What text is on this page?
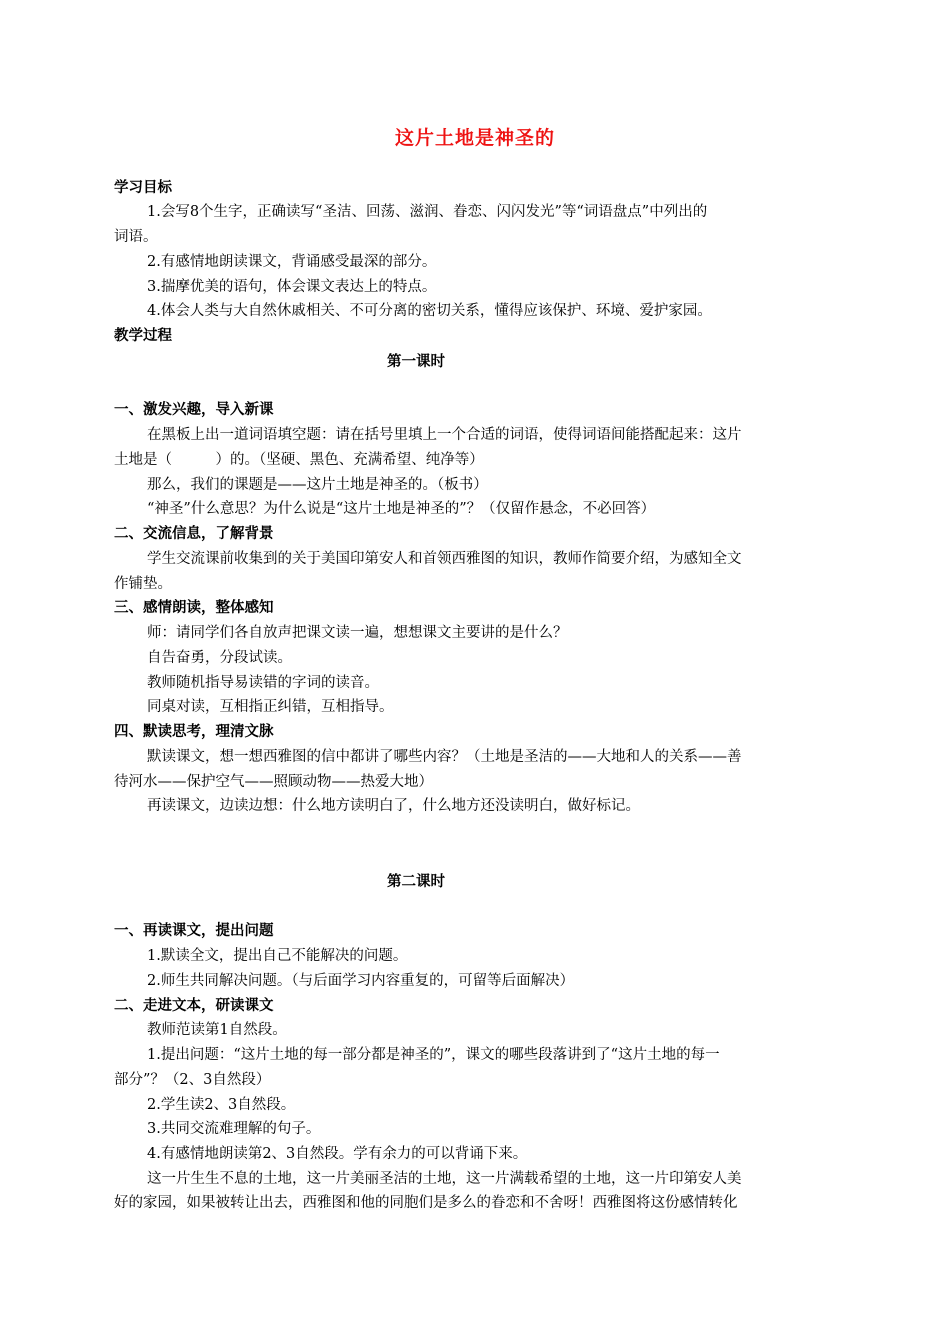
这片土地是神圣的
学习目标
1.会写8个生字，正确读写“圣洁、回荡、滋润、眷恋、闪闪发光”等“词语盘点”中列出的
词语。
2.有感情地朗读课文，背诵感受最深的部分。
3.揣摩优美的语句，体会课文表达上的特点。
4.体会人类与大自然休戚相关、不可分离的密切关系，懂得应该保护、环境、爱护家园。
教学过程
第一课时
一、激发兴趣，导入新课
在黑板上出一道词语填空题：请在括号里填上一个合适的词语，使得词语间能搭配起来：这片
土地是（　　　）的。（坚硬、黑色、充满希望、纯净等）
那么，我们的课题是——这片土地是神圣的。（板书）
“神圣”什么意思？为什么说是“这片土地是神圣的”？（仅留作悬念，不必回答）
二、交流信息，了解背景
学生交流课前收集到的关于美国印第安人和首领西雅图的知识，教师作简要介绍，为感知全文
作铺垫。
三、感情朗读，整体感知
师：请同学们各自放声把课文读一遍，想想课文主要讲的是什么？
自告奋勇，分段试读。
教师随机指导易读错的字词的读音。
同桌对读，互相指正纠错，互相指导。
四、默读思考，理清文脉
默读课文，想一想西雅图的信中都讲了哪些内容？（土地是圣洁的——大地和人的关系——善
待河水——保护空气——照顾动物——热爱大地）
再读课文，边读边想：什么地方读明白了，什么地方还没读明白，做好标记。
第二课时
一、再读课文，提出问题
1.默读全文，提出自己不能解决的问题。
2.师生共同解决问题。（与后面学习内容重复的，可留等后面解决）
二、走进文本，研读课文
教师范读第1自然段。
1.提出问题：“这片土地的每一部分都是神圣的”，课文的哪些段落讲到了“这片土地的每一
部分”？（2、3自然段）
2.学生读2、3自然段。
3.共同交流难理解的句子。
4.有感情地朗读第2、3自然段。学有余力的可以背诵下来。
这一片生生不息的土地，这一片美丽圣洁的土地，这一片满载希望的土地，这一片印第安人美
好的家园，如果被转让出去，西雅图和他的同胞们是多么的眷恋和不舍呀！西雅图将这份感情转化
